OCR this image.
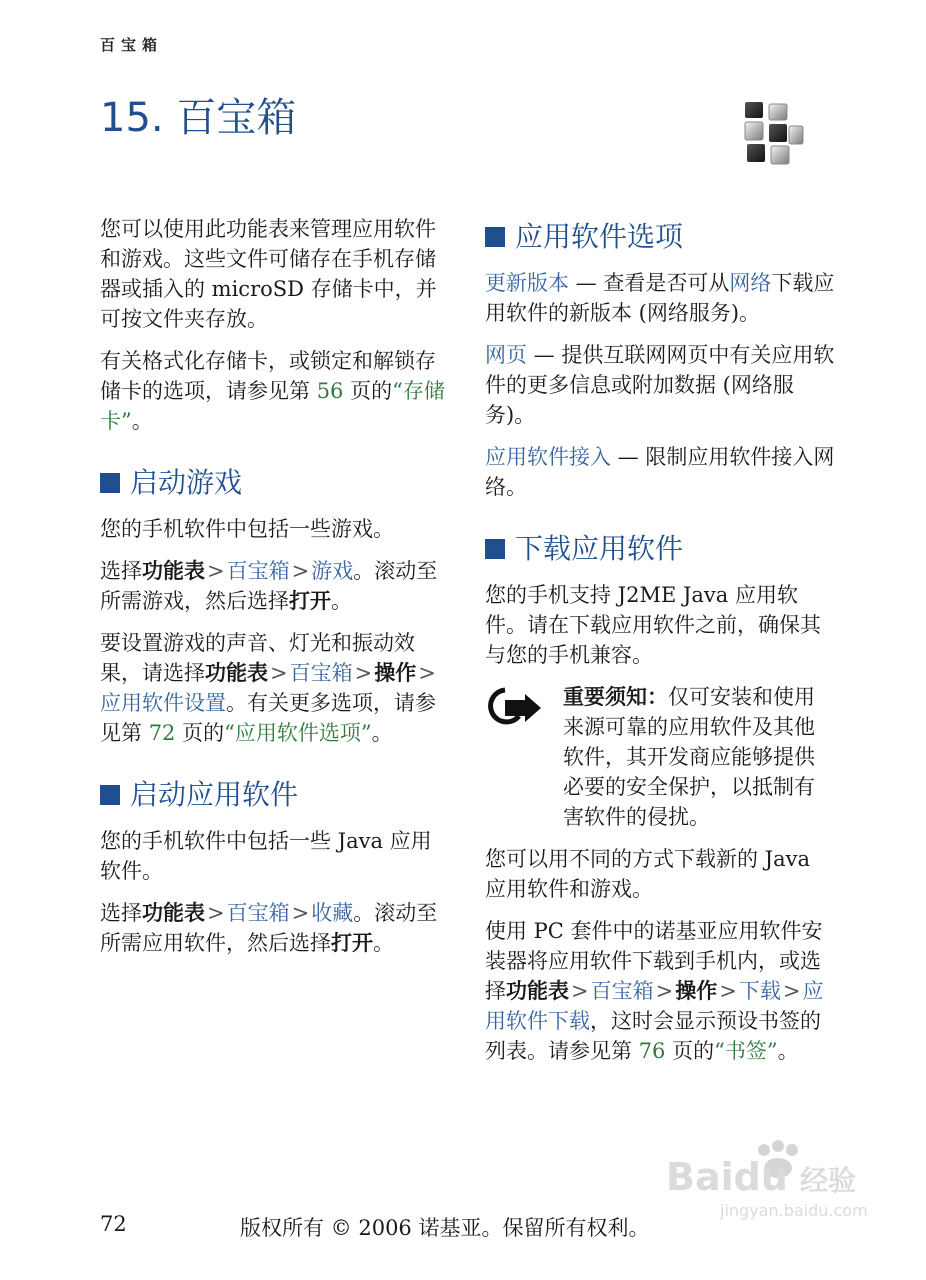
百宝箱
15. 百宝箱

您可以使用此功能表来管理应用软件和游戏。这些文件可储存在手机存储器或插入的 microSD 存储卡中，并可按文件夹存放。

有关格式化存储卡，或锁定和解锁存储卡的选项，请参见第 56 页的“存储卡”。

启动游戏

您的手机软件中包括一些游戏。

选择功能表>百宝箱>游戏。滚动至所需游戏，然后选择打开。

要设置游戏的声音、灯光和振动效果，请选择功能表>百宝箱>操作>应用软件设置。有关更多选项，请参见第 72 页的“应用软件选项”。

启动应用软件

您的手机软件中包括一些 Java 应用软件。

选择功能表>百宝箱>收藏。滚动至所需应用软件，然后选择打开。

应用软件选项

更新版本 — 查看是否可从网络下载应用软件的新版本 (网络服务)。

网页 — 提供互联网网页中有关应用软件的更多信息或附加数据 (网络服务)。

应用软件接入 — 限制应用软件接入网络。

下载应用软件

您的手机支持 J2ME Java 应用软件。请在下载应用软件之前，确保其与您的手机兼容。

重要须知：仅可安装和使用来源可靠的应用软件及其他软件，其开发商应能够提供必要的安全保护，以抵制有害软件的侵扰。

您可以用不同的方式下载新的 Java 应用软件和游戏。

使用 PC 套件中的诺基亚应用软件安装器将应用软件下载到手机内，或选择功能表>百宝箱>操作>下载>应用软件下载，这时会显示预设书签的列表。请参见第 76 页的“书签”。

72	版权所有 © 2006 诺基亚。保留所有权利。
Baidu 经验
jingyan.baidu.com
